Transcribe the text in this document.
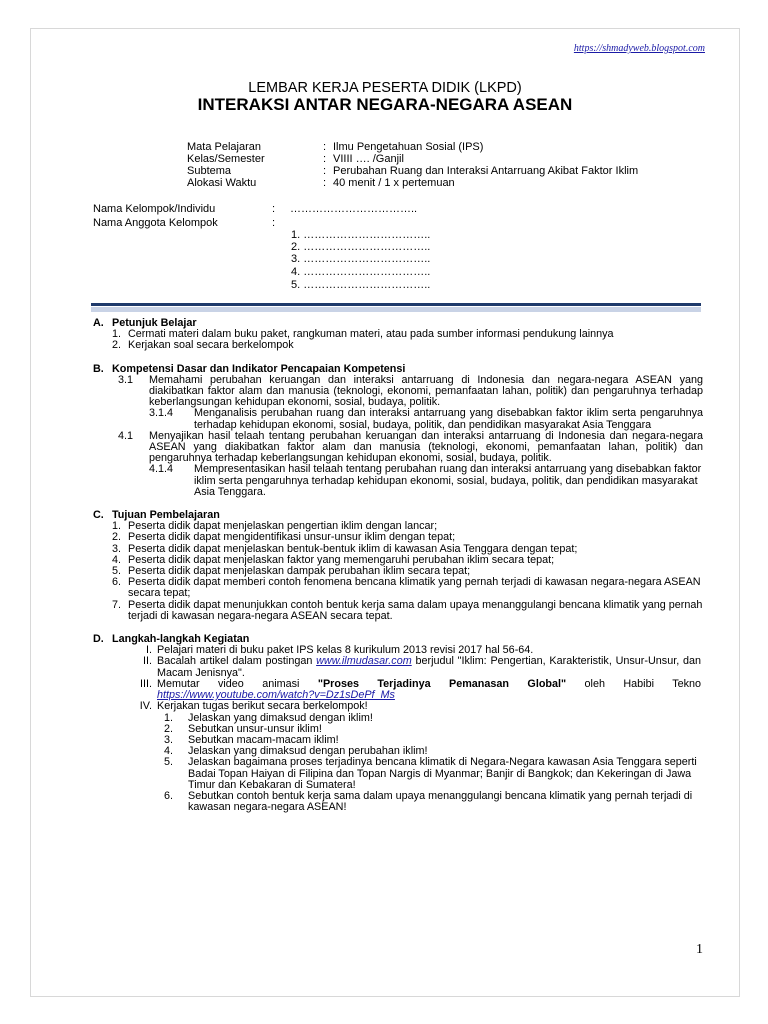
https://shmadyweb.blogspot.com
LEMBAR KERJA PESERTA DIDIK (LKPD)
INTERAKSI ANTAR NEGARA-NEGARA ASEAN
Mata Pelajaran	: Ilmu Pengetahuan Sosial (IPS)
Kelas/Semester	: VIIII …. /Ganjil
Subtema	: Perubahan Ruang dan Interaksi Antarruang Akibat Faktor Iklim
Alokasi Waktu	: 40 menit / 1 x pertemuan
Nama Kelompok/Individu	: ……………………………..
Nama Anggota Kelompok	:
1. ……………………………..
2. ……………………………..
3. ……………………………..
4. ……………………………..
5. ……………………………..
A. Petunjuk Belajar
1. Cermati materi dalam buku paket, rangkuman materi, atau pada sumber informasi pendukung lainnya
2. Kerjakan soal secara berkelompok
B. Kompetensi Dasar dan Indikator Pencapaian Kompetensi
3.1 Memahami perubahan keruangan dan interaksi antarruang di Indonesia dan negara-negara ASEAN yang diakibatkan faktor alam dan manusia (teknologi, ekonomi, pemanfaatan lahan, politik) dan pengaruhnya terhadap keberlangsungan kehidupan ekonomi, sosial, budaya, politik.
3.1.4 Menganalisis perubahan ruang dan interaksi antarruang yang disebabkan faktor iklim serta pengaruhnya terhadap kehidupan ekonomi, sosial, budaya, politik, dan pendidikan masyarakat Asia Tenggara
4.1 Menyajikan hasil telaah tentang perubahan keruangan dan interaksi antarruang di Indonesia dan negara-negara ASEAN yang diakibatkan faktor alam dan manusia (teknologi, ekonomi, pemanfaatan lahan, politik) dan pengaruhnya terhadap keberlangsungan kehidupan ekonomi, sosial, budaya, politik.
4.1.4 Mempresentasikan hasil telaah tentang perubahan ruang dan interaksi antarruang yang disebabkan faktor iklim serta pengaruhnya terhadap kehidupan ekonomi, sosial, budaya, politik, dan pendidikan masyarakat Asia Tenggara.
C. Tujuan Pembelajaran
1. Peserta didik dapat menjelaskan pengertian iklim dengan lancar;
2. Peserta didik dapat mengidentifikasi unsur-unsur iklim dengan tepat;
3. Peserta didik dapat menjelaskan bentuk-bentuk iklim di kawasan Asia Tenggara dengan tepat;
4. Peserta didik dapat menjelaskan faktor yang memengaruhi perubahan iklim secara tepat;
5. Peserta didik dapat menjelaskan dampak perubahan iklim secara tepat;
6. Peserta didik dapat memberi contoh fenomena bencana klimatik yang pernah terjadi di kawasan negara-negara ASEAN secara tepat;
7. Peserta didik dapat menunjukkan contoh bentuk kerja sama dalam upaya menanggulangi bencana klimatik yang pernah terjadi di kawasan negara-negara ASEAN secara tepat.
D. Langkah-langkah Kegiatan
I. Pelajari materi di buku paket IPS kelas 8 kurikulum 2013 revisi 2017 hal 56-64.
II. Bacalah artikel dalam postingan www.ilmudasar.com berjudul "Iklim: Pengertian, Karakteristik, Unsur-Unsur, dan Macam Jenisnya".
III. Memutar video animasi "Proses Terjadinya Pemanasan Global" oleh Habibi Tekno https://www.youtube.com/watch?v=Dz1sDePf_Ms
IV. Kerjakan tugas berikut secara berkelompok!
1. Jelaskan yang dimaksud dengan iklim!
2. Sebutkan unsur-unsur iklim!
3. Sebutkan macam-macam iklim!
4. Jelaskan yang dimaksud dengan perubahan iklim!
5. Jelaskan bagaimana proses terjadinya bencana klimatik di Negara-Negara kawasan Asia Tenggara seperti Badai Topan Haiyan di Filipina dan Topan Nargis di Myanmar; Banjir di Bangkok; dan Kekeringan di Jawa Timur dan Kebakaran di Sumatera!
6. Sebutkan contoh bentuk kerja sama dalam upaya menanggulangi bencana klimatik yang pernah terjadi di kawasan negara-negara ASEAN!
1
